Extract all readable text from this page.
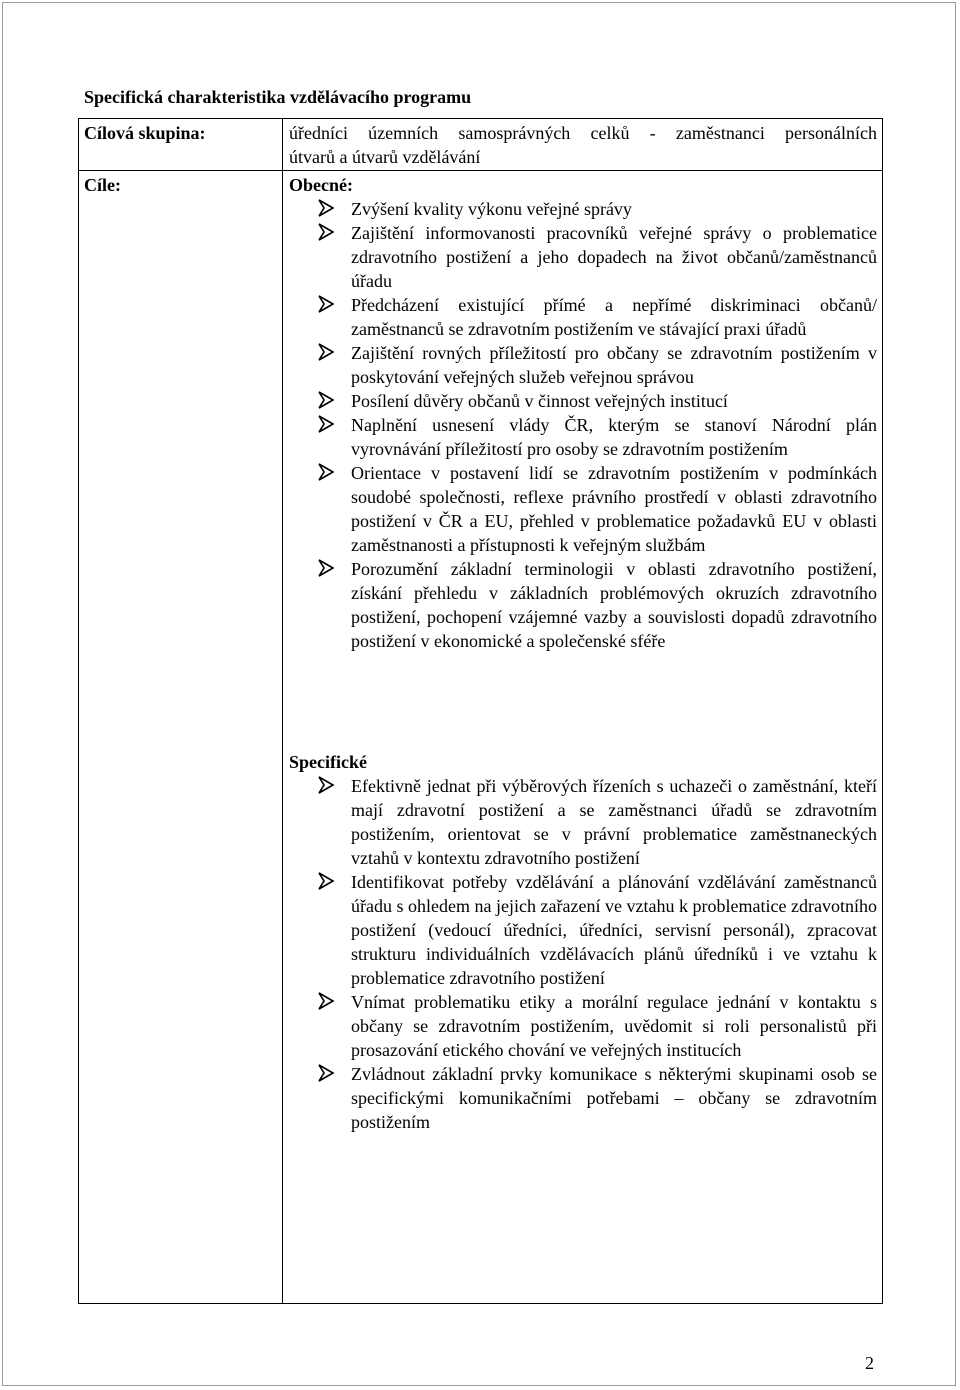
Specifická charakteristika vzdělávacího programu
Cílová skupina:	úředníci územních samosprávných celků - zaměstnanci personálních
útvarů a útvarů vzdělávání
Cíle:	Obecné:
Zvýšení kvality výkonu veřejné správy
Zajištění informovanosti pracovníků veřejné správy o problematice zdravotního postižení a jeho dopadech na život občanů/zaměstnanců úřadu
Předcházení existující přímé a nepřímé diskriminaci občanů/ zaměstnanců se zdravotním postižením ve stávající praxi úřadů
Zajištění rovných příležitostí pro občany se zdravotním postižením v poskytování veřejných služeb veřejnou správou
Posílení důvěry občanů v činnost veřejných institucí
Naplnění usnesení vlády ČR, kterým se stanoví Národní plán vyrovnávání příležitostí pro osoby se zdravotním postižením
Orientace v postavení lidí se zdravotním postižením v podmínkách soudobé společnosti, reflexe právního prostředí v oblasti zdravotního postižení v ČR a EU, přehled v problematice požadavků EU v oblasti zaměstnanosti a přístupnosti k veřejným službám
Porozumění základní terminologii v oblasti zdravotního postižení, získání přehledu v základních problémových okruzích zdravotního postižení, pochopení vzájemné vazby a souvislosti dopadů zdravotního postižení v ekonomické a společenské sféře
Specifické
Efektivně jednat při výběrových řízeních s uchazeči o zaměstnání, kteří mají zdravotní postižení a se zaměstnanci úřadů se zdravotním postižením, orientovat se v právní problematice zaměstnaneckých vztahů v kontextu zdravotního postižení
Identifikovat potřeby vzdělávání a plánování vzdělávání zaměstnanců úřadu s ohledem na jejich zařazení ve vztahu k problematice zdravotního postižení (vedoucí úředníci, úředníci, servisní personál), zpracovat strukturu individuálních vzdělávacích plánů úředníků i ve vztahu k problematice zdravotního postižení
Vnímat problematiku etiky a morální regulace jednání v kontaktu s občany se zdravotním postižením, uvědomit si roli personalistů při prosazování etického chování ve veřejných institucích
Zvládnout základní prvky komunikace s některými skupinami osob se specifickými komunikačními potřebami – občany se zdravotním postižením
2
